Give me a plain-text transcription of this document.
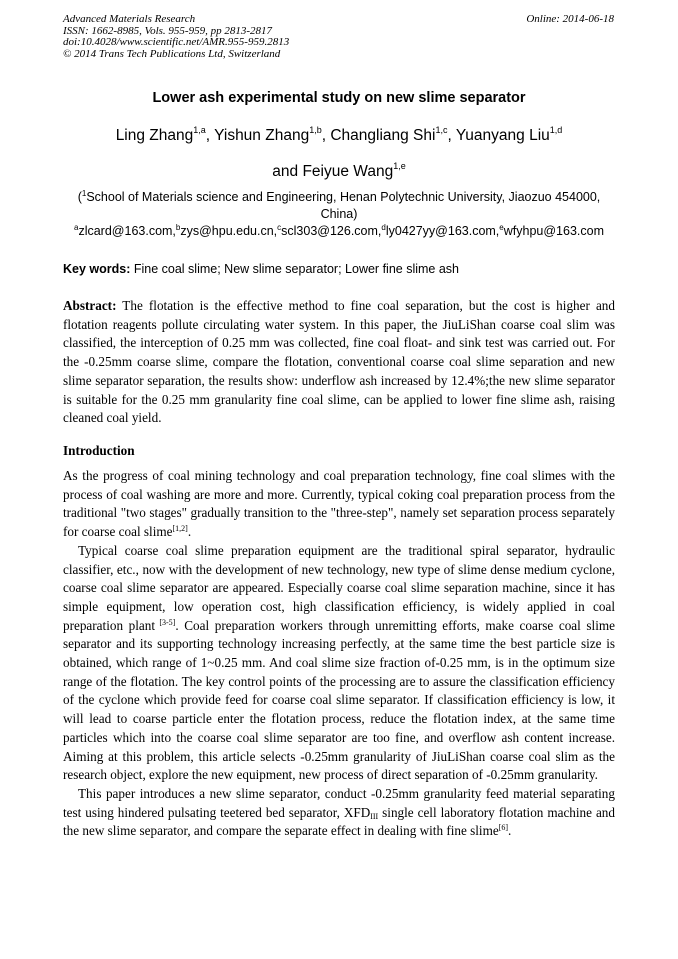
Advanced Materials Research
ISSN: 1662-8985, Vols. 955-959, pp 2813-2817
doi:10.4028/www.scientific.net/AMR.955-959.2813
© 2014 Trans Tech Publications Ltd, Switzerland
Online: 2014-06-18
Lower ash experimental study on new slime separator
Ling Zhang$^{1,a}$, Yishun Zhang$^{1,b}$, Changliang Shi$^{1,c}$, Yuanyang Liu$^{1,d}$
and Feiyue Wang$^{1,e}$
($^1$School of Materials science and Engineering, Henan Polytechnic University, Jiaozuo 454000, China)
$^a$zlcard@163.com,$^b$zys@hpu.edu.cn,$^c$scl303@126.com,$^d$ly0427yy@163.com,$^e$wfyhpu@163.com
Key words: Fine coal slime; New slime separator; Lower fine slime ash

Abstract: The flotation is the effective method to fine coal separation, but the cost is higher and flotation reagents pollute circulating water system. In this paper, the JiuLiShan coarse coal slim was classified, the interception of 0.25 mm was collected, fine coal float- and sink test was carried out. For the -0.25mm coarse slime, compare the flotation, conventional coarse coal slime separation and new slime separator separation, the results show: underflow ash increased by 12.4%;the new slime separator is suitable for the 0.25 mm granularity fine coal slime, can be applied to lower fine slime ash, raising cleaned coal yield.

Introduction

As the progress of coal mining technology and coal preparation technology, fine coal slimes with the process of coal washing are more and more. Currently, typical coking coal preparation process from the traditional "two stages" gradually transition to the "three-step", namely set separation process separately for coarse coal slime[1,2].

Typical coarse coal slime preparation equipment are the traditional spiral separator, hydraulic classifier, etc., now with the development of new technology, new type of slime dense medium cyclone, coarse coal slime separator are appeared. Especially coarse coal slime separation machine, since it has simple equipment, low operation cost, high classification efficiency, is widely applied in coal preparation plant [3-5]. Coal preparation workers through unremitting efforts, make coarse coal slime separator and its supporting technology increasing perfectly, at the same time the best particle size is obtained, which range of 1~0.25 mm. And coal slime size fraction of-0.25 mm, is in the optimum size range of the flotation. The key control points of the processing are to assure the classification efficiency of the cyclone which provide feed for coarse coal slime separator. If classification efficiency is low, it will lead to coarse particle enter the flotation process, reduce the flotation index, at the same time particles which into the coarse coal slime separator are too fine, and overflow ash content increase. Aiming at this problem, this article selects -0.25mm granularity of JiuLiShan coarse coal slim as the research object, explore the new equipment, new process of direct separation of -0.25mm granularity.

This paper introduces a new slime separator, conduct -0.25mm granularity feed material separating test using hindered pulsating teetered bed separator, $XFD_{III}$ single cell laboratory flotation machine and the new slime separator, and compare the separate effect in dealing with fine slime[6].
